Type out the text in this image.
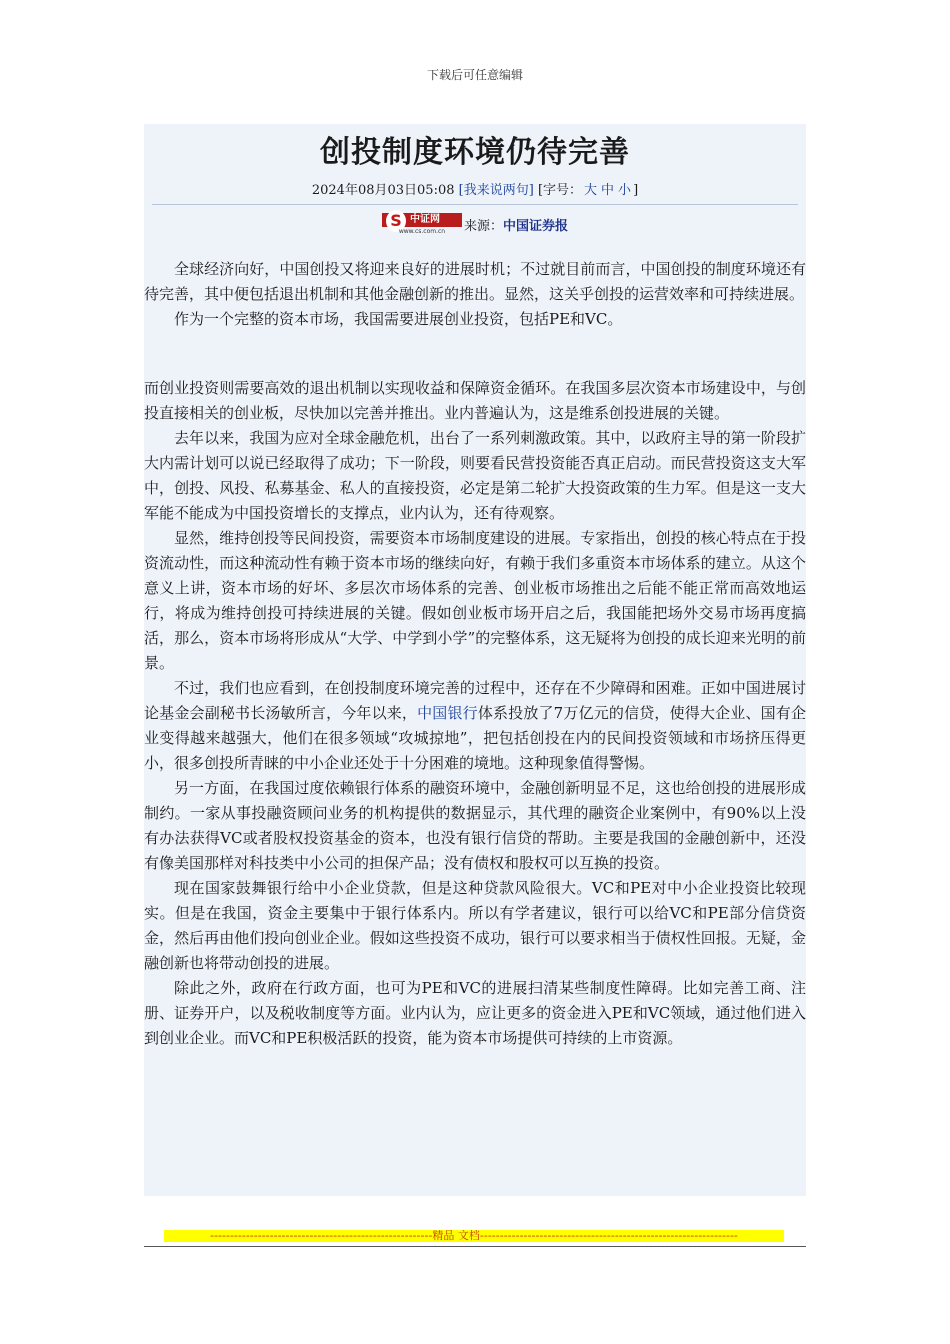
下载后可任意编辑
创投制度环境仍待完善
2024年08月03日05:08 [我来说两句] [字号： 大 中 小 ]
S 中证网
www.cs.com.cn	来源： 中国证券报

全球经济向好，中国创投又将迎来良好的进展时机；不过就目前而言，中国创投的制度环境还有待完善，其中便包括退出机制和其他金融创新的推出。显然，这关乎创投的运营效率和可持续进展。

作为一个完整的资本市场，我国需要进展创业投资，包括PE和VC。

而创业投资则需要高效的退出机制以实现收益和保障资金循环。在我国多层次资本市场建设中，与创投直接相关的创业板，尽快加以完善并推出。业内普遍认为，这是维系创投进展的关键。

去年以来，我国为应对全球金融危机，出台了一系列刺激政策。其中，以政府主导的第一阶段扩大内需计划可以说已经取得了成功；下一阶段，则要看民营投资能否真正启动。而民营投资这支大军中，创投、风投、私募基金、私人的直接投资，必定是第二轮扩大投资政策的生力军。但是这一支大军能不能成为中国投资增长的支撑点，业内认为，还有待观察。

显然，维持创投等民间投资，需要资本市场制度建设的进展。专家指出，创投的核心特点在于投资流动性，而这种流动性有赖于资本市场的继续向好，有赖于我们多重资本市场体系的建立。从这个意义上讲，资本市场的好坏、多层次市场体系的完善、创业板市场推出之后能不能正常而高效地运行，将成为维持创投可持续进展的关键。假如创业板市场开启之后，我国能把场外交易市场再度搞活，那么，资本市场将形成从“大学、中学到小学”的完整体系，这无疑将为创投的成长迎来光明的前景。

不过，我们也应看到，在创投制度环境完善的过程中，还存在不少障碍和困难。正如中国进展讨论基金会副秘书长汤敏所言，今年以来，中国银行体系投放了7万亿元的信贷，使得大企业、国有企业变得越来越强大，他们在很多领域“攻城掠地”，把包括创投在内的民间投资领域和市场挤压得更小，很多创投所青睐的中小企业还处于十分困难的境地。这种现象值得警惕。

另一方面，在我国过度依赖银行体系的融资环境中，金融创新明显不足，这也给创投的进展形成制约。一家从事投融资顾问业务的机构提供的数据显示，其代理的融资企业案例中，有90%以上没有办法获得VC或者股权投资基金的资本，也没有银行信贷的帮助。主要是我国的金融创新中，还没有像美国那样对科技类中小公司的担保产品；没有债权和股权可以互换的投资。

现在国家鼓舞银行给中小企业贷款，但是这种贷款风险很大。VC和PE对中小企业投资比较现实。但是在我国，资金主要集中于银行体系内。所以有学者建议，银行可以给VC和PE部分信贷资金，然后再由他们投向创业企业。假如这些投资不成功，银行可以要求相当于债权性回报。无疑，金融创新也将带动创投的进展。

除此之外，政府在行政方面，也可为PE和VC的进展扫清某些制度性障碍。比如完善工商、注册、证券开户，以及税收制度等方面。业内认为，应让更多的资金进入PE和VC领域，通过他们进入到创业企业。而VC和PE积极活跃的投资，能为资本市场提供可持续的上市资源。

--------------------------------------------------------精品 文档-----------------------------------------------------------------
